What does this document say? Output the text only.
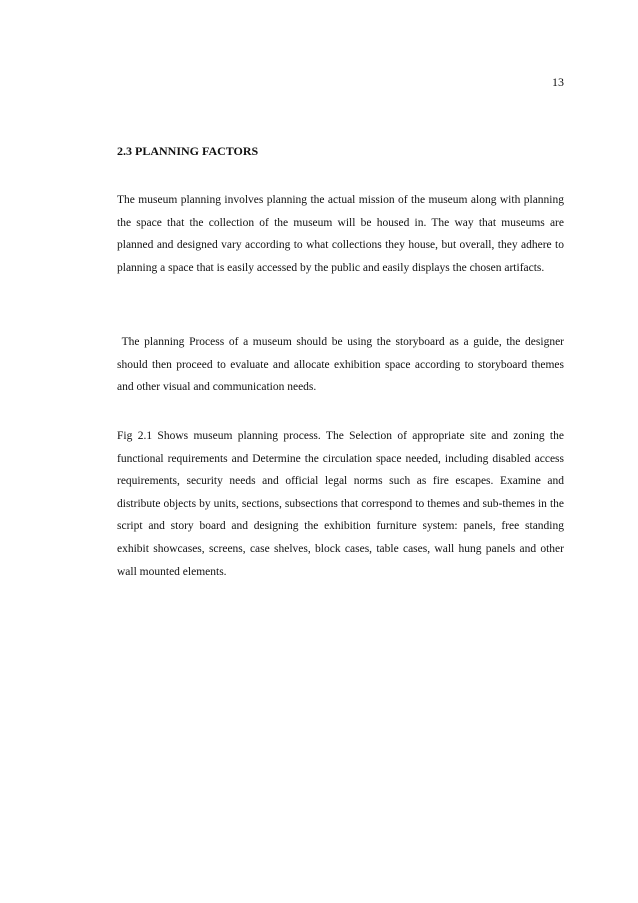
13
2.3 PLANNING FACTORS

The museum planning involves planning the actual mission of the museum along with planning the space that the collection of the museum will be housed in. The way that museums are planned and designed vary according to what collections they house, but overall, they adhere to planning a space that is easily accessed by the public and easily displays the chosen artifacts.

The planning Process of a museum should be using the storyboard as a guide, the designer should then proceed to evaluate and allocate exhibition space according to storyboard themes and other visual and communication needs.

Fig 2.1 Shows museum planning process. The Selection of appropriate site and zoning the functional requirements and Determine the circulation space needed, including disabled access requirements, security needs and official legal norms such as fire escapes. Examine and distribute objects by units, sections, subsections that correspond to themes and sub-themes in the script and story board and designing the exhibition furniture system: panels, free standing exhibit showcases, screens, case shelves, block cases, table cases, wall hung panels and other wall mounted elements.
